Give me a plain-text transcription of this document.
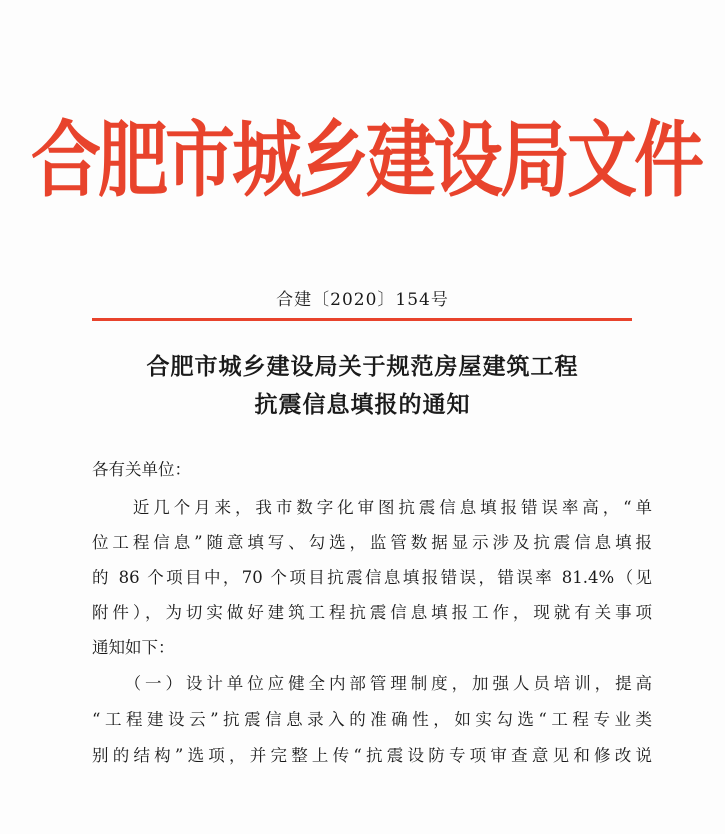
合肥市城乡建设局文件
合建〔2020〕154号
合肥市城乡建设局关于规范房屋建筑工程
抗震信息填报的通知
各有关单位：
　　近几个月来，我市数字化审图抗震信息填报错误率高，“单
位工程信息”随意填写、勾选，监管数据显示涉及抗震信息填报
的 86 个项目中，70 个项目抗震信息填报错误，错误率 81.4%（见
附件），为切实做好建筑工程抗震信息填报工作，现就有关事项
通知如下：
　　（一）设计单位应健全内部管理制度，加强人员培训，提高
“工程建设云”抗震信息录入的准确性，如实勾选“工程专业类
别的结构”选项，并完整上传“抗震设防专项审查意见和修改说
